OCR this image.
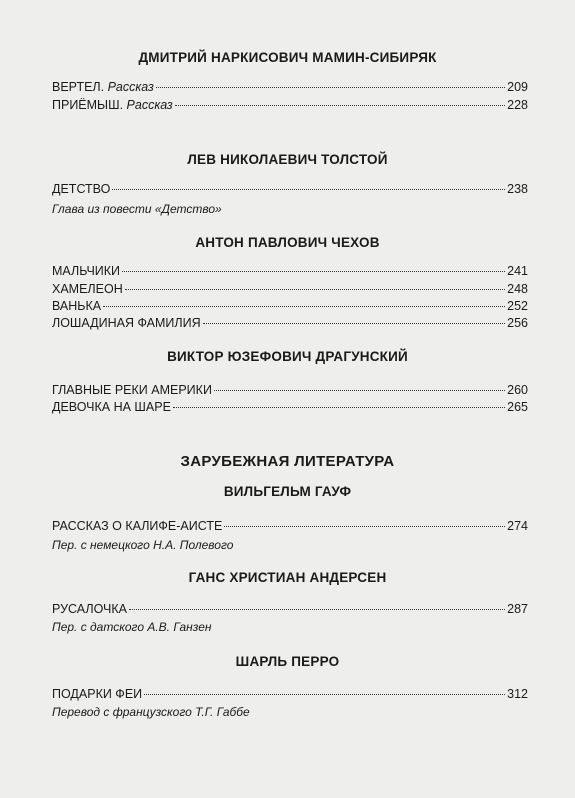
ДМИТРИЙ НАРКИСОВИЧ МАМИН-СИБИРЯК
ВЕРТЕЛ. Рассказ	209
ПРИЁМЫШ. Рассказ	228
ЛЕВ НИКОЛАЕВИЧ ТОЛСТОЙ
ДЕТСТВО	238
Глава из повести «Детство»
АНТОН ПАВЛОВИЧ ЧЕХОВ
МАЛЬЧИКИ	241
ХАМЕЛЕОН	248
ВАНЬКА	252
ЛОШАДИНАЯ ФАМИЛИЯ	256
ВИКТОР ЮЗЕФОВИЧ ДРАГУНСКИЙ
ГЛАВНЫЕ РЕКИ АМЕРИКИ	260
ДЕВОЧКА НА ШАРЕ	265
ЗАРУБЕЖНАЯ ЛИТЕРАТУРА
ВИЛЬГЕЛЬМ ГАУФ
РАССКАЗ О КАЛИФЕ-АИСТЕ	274
Пер. с немецкого Н.А. Полевого
ГАНС ХРИСТИАН АНДЕРСЕН
РУСАЛОЧКА	287
Пер. с датского А.В. Ганзен
ШАРЛЬ ПЕРРО
ПОДАРКИ ФЕИ	312
Перевод с французского Т.Г. Габбе
